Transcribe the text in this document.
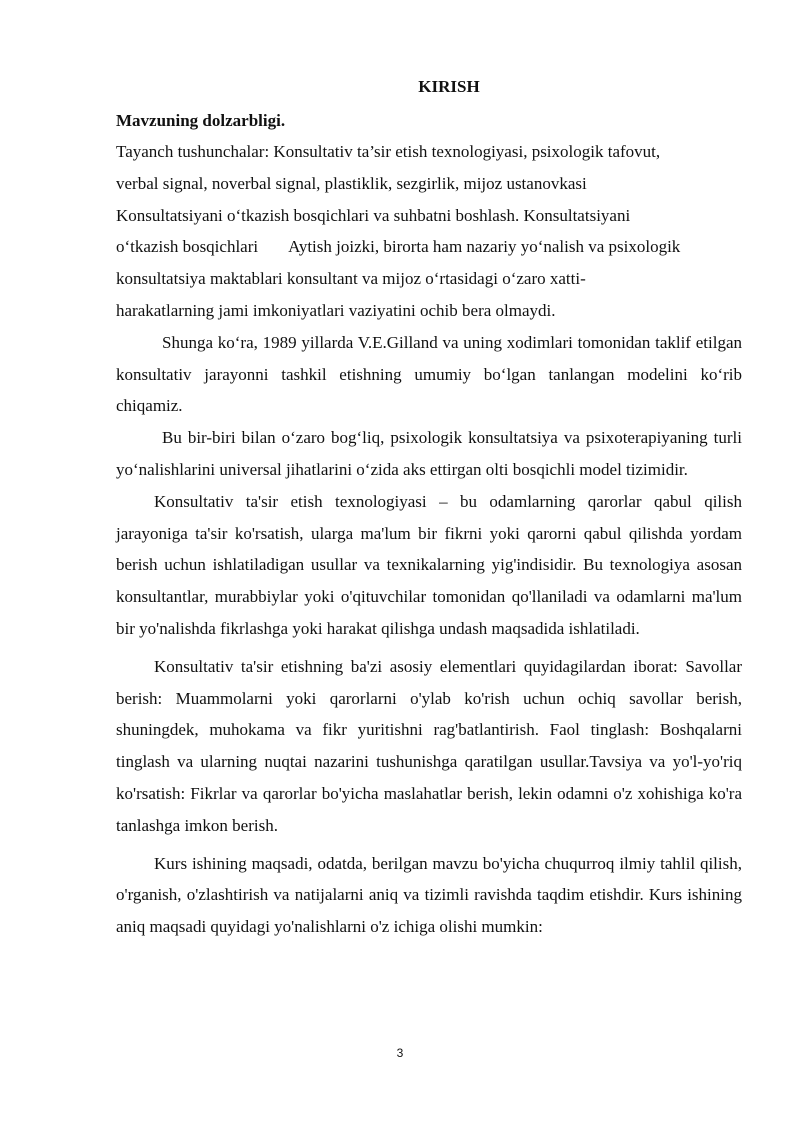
KIRISH
Mavzuning dolzarbligi.

Tayanch tushunchalar: Konsultativ ta’sir etish texnologiyasi, psixologik tafovut,

verbal signal, noverbal signal, plastiklik, sezgirlik, mijoz ustanovkasi

Konsultatsiyani o‘tkazish bosqichlari va suhbatni boshlash. Konsultatsiyani

o‘tkazish bosqichlari Aytish joizki, birorta ham nazariy yo‘nalish va psixologik

konsultatsiya maktablari konsultant va mijoz o‘rtasidagi o‘zaro xatti-

harakatlarning jami imkoniyatlari vaziyatini ochib bera olmaydi.

Shunga ko‘ra, 1989 yillarda V.E.Gilland va uning xodimlari tomonidan taklif etilgan konsultativ jarayonni tashkil etishning umumiy bo‘lgan tanlangan modelini ko‘rib chiqamiz.

Bu bir-biri bilan o‘zaro bog‘liq, psixologik konsultatsiya va psixoterapiyaning turli yo‘nalishlarini universal jihatlarini o‘zida aks ettirgan olti bosqichli model tizimidir.

Konsultativ ta'sir etish texnologiyasi – bu odamlarning qarorlar qabul qilish jarayoniga ta'sir ko'rsatish, ularga ma'lum bir fikrni yoki qarorni qabul qilishda yordam berish uchun ishlatiladigan usullar va texnikalarning yig'indisidir. Bu texnologiya asosan konsultantlar, murabbiylar yoki o'qituvchilar tomonidan qo'llaniladi va odamlarni ma'lum bir yo'nalishda fikrlashga yoki harakat qilishga undash maqsadida ishlatiladi.

Konsultativ ta'sir etishning ba'zi asosiy elementlari quyidagilardan iborat: Savollar berish: Muammolarni yoki qarorlarni o'ylab ko'rish uchun ochiq savollar berish, shuningdek, muhokama va fikr yuritishni rag'batlantirish. Faol tinglash: Boshqalarni tinglash va ularning nuqtai nazarini tushunishga qaratilgan usullar.Tavsiya va yo'l-yo'riq ko'rsatish: Fikrlar va qarorlar bo'yicha maslahatlar berish, lekin odamni o'z xohishiga ko'ra tanlashga imkon berish.

Kurs ishining maqsadi, odatda, berilgan mavzu bo'yicha chuqurroq ilmiy tahlil qilish, o'rganish, o'zlashtirish va natijalarni aniq va tizimli ravishda taqdim etishdir. Kurs ishining aniq maqsadi quyidagi yo'nalishlarni o'z ichiga olishi mumkin:

3
